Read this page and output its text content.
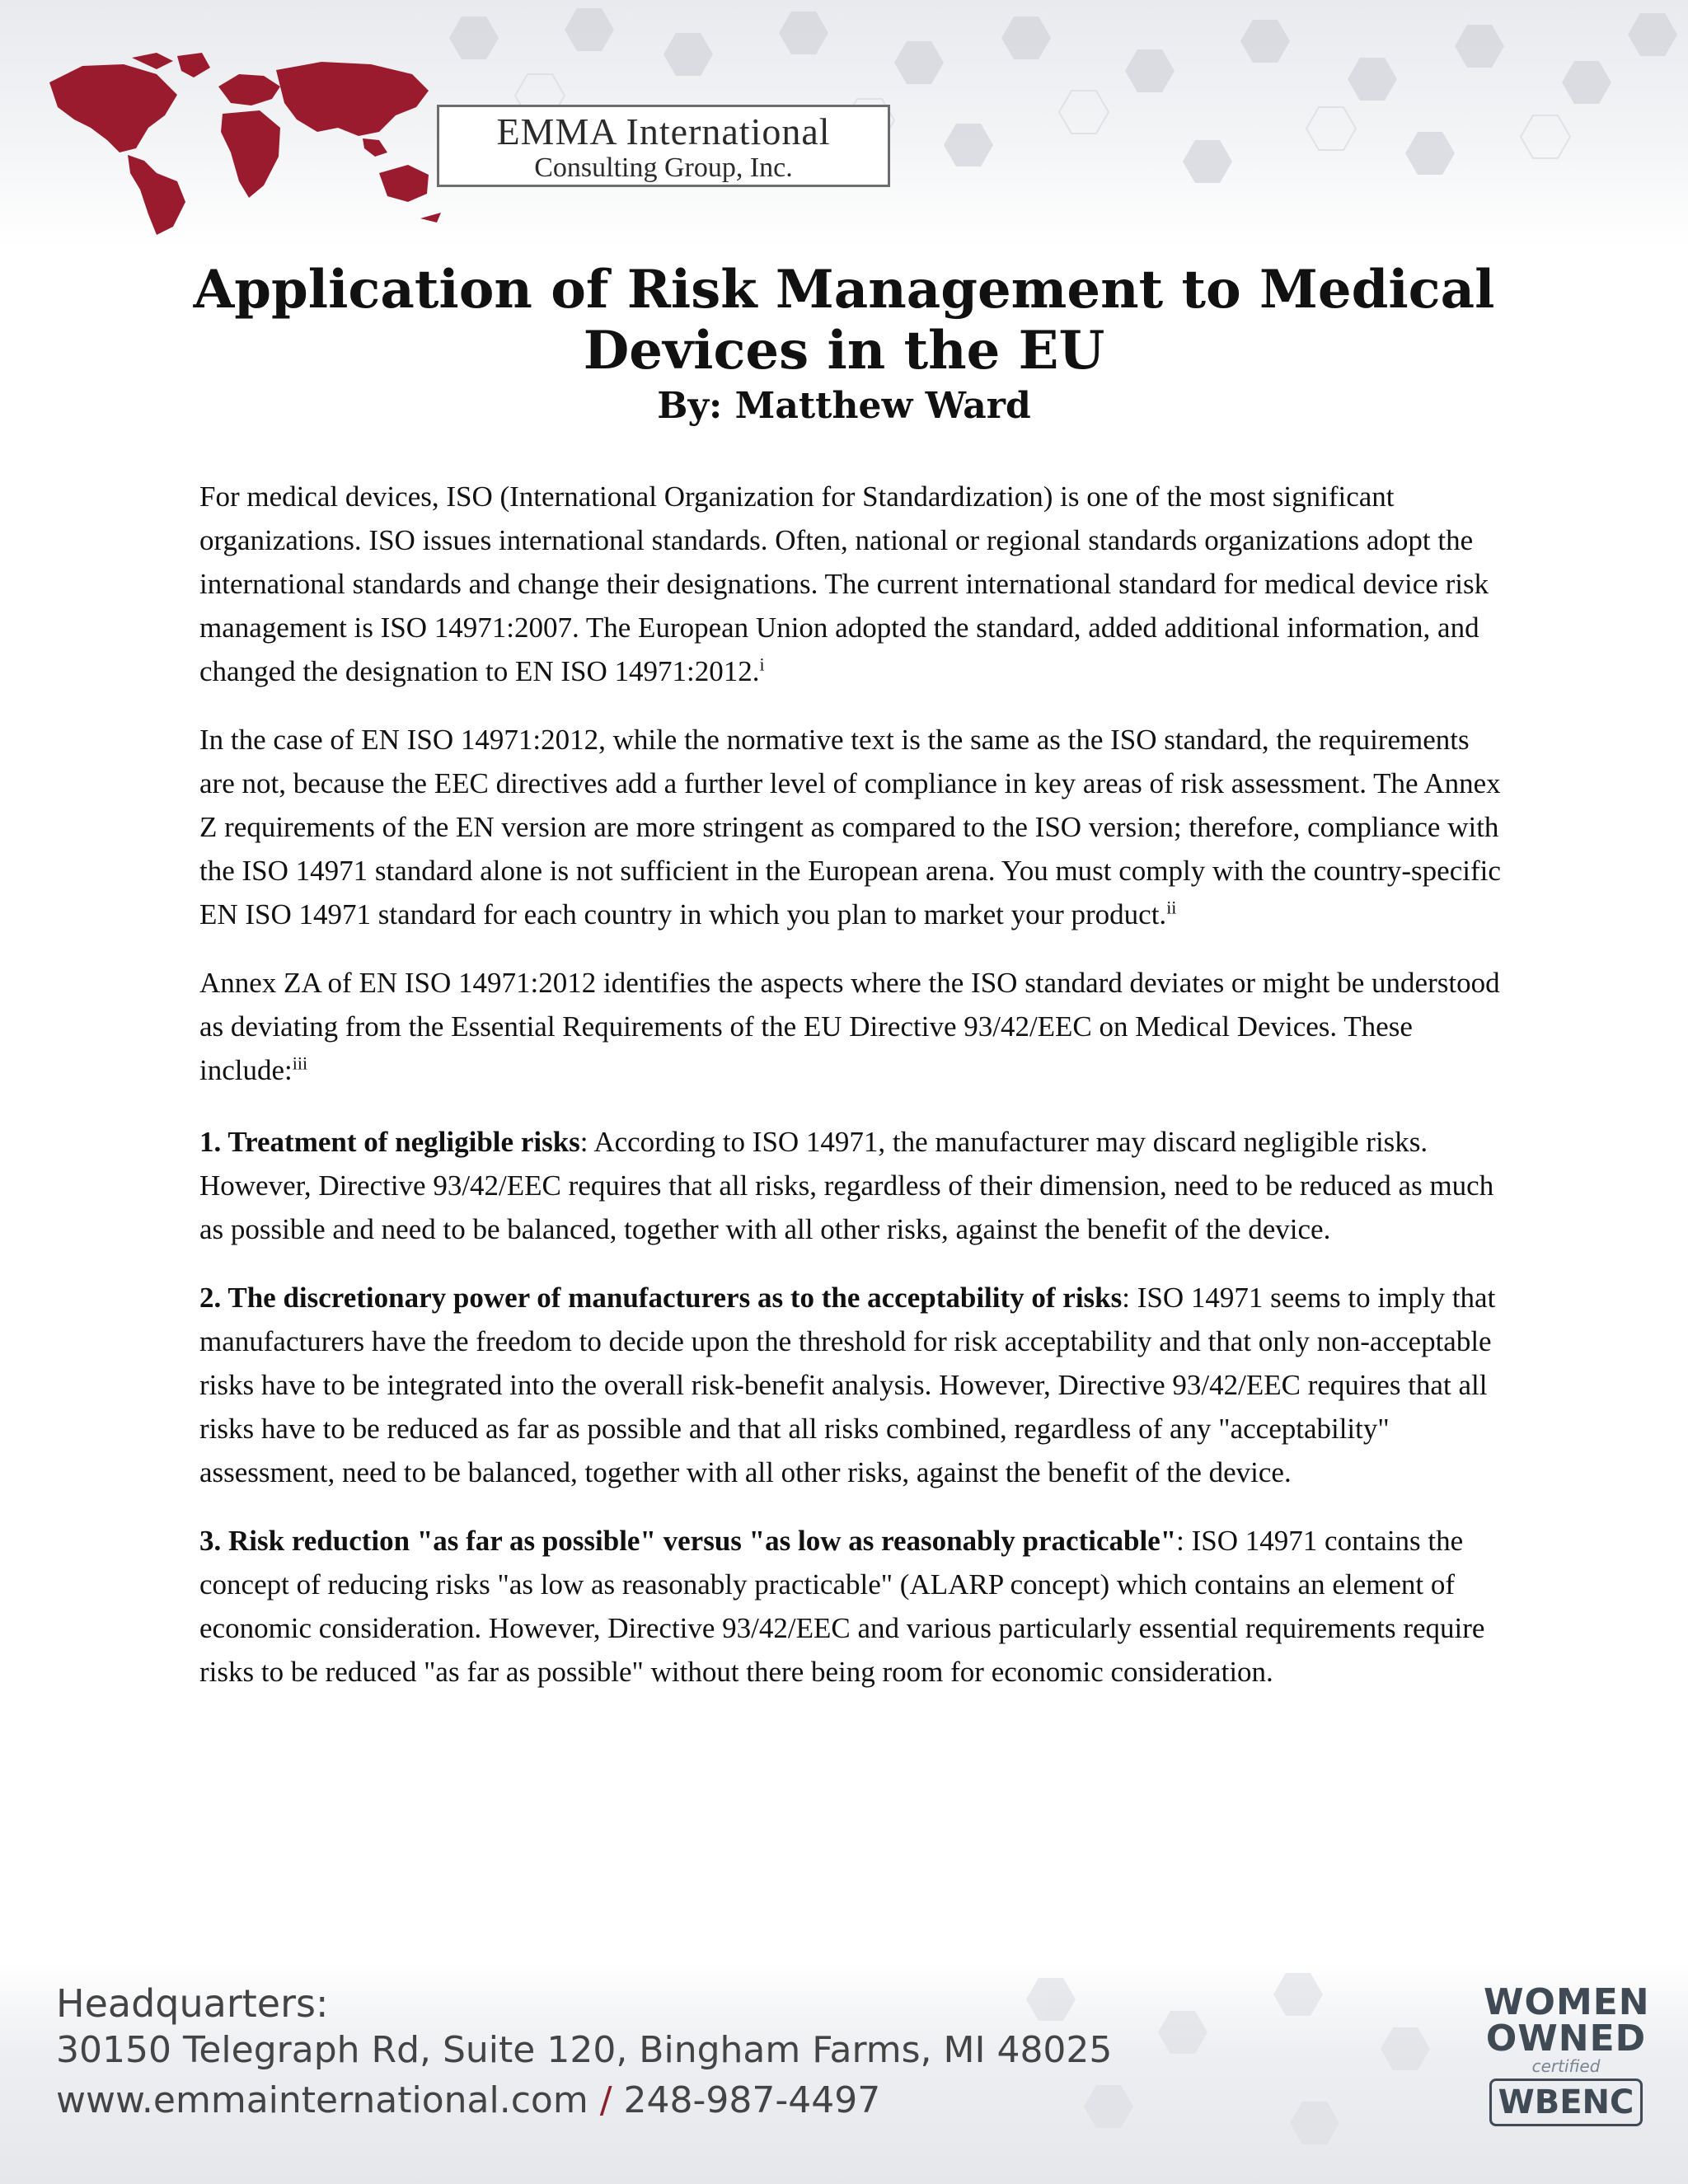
EMMA International
Consulting Group, Inc.
Application of Risk Management to Medical
Devices in the EU
By: Matthew Ward

For medical devices, ISO (International Organization for Standardization) is one of the most significant organizations. ISO issues international standards. Often, national or regional standards organizations adopt the international standards and change their designations. The current international standard for medical device risk management is ISO 14971:2007. The European Union adopted the standard, added additional information, and changed the designation to EN ISO 14971:2012.$^i$

In the case of EN ISO 14971:2012, while the normative text is the same as the ISO standard, the requirements are not, because the EEC directives add a further level of compliance in key areas of risk assessment. The Annex Z requirements of the EN version are more stringent as compared to the ISO version; therefore, compliance with the ISO 14971 standard alone is not sufficient in the European arena. You must comply with the country-specific EN ISO 14971 standard for each country in which you plan to market your product.$^{ii}$

Annex ZA of EN ISO 14971:2012 identifies the aspects where the ISO standard deviates or might be understood as deviating from the Essential Requirements of the EU Directive 93/42/EEC on Medical Devices. These include:$^{iii}$

1. Treatment of negligible risks: According to ISO 14971, the manufacturer may discard negligible risks. However, Directive 93/42/EEC requires that all risks, regardless of their dimension, need to be reduced as much as possible and need to be balanced, together with all other risks, against the benefit of the device.

2. The discretionary power of manufacturers as to the acceptability of risks: ISO 14971 seems to imply that manufacturers have the freedom to decide upon the threshold for risk acceptability and that only non-acceptable risks have to be integrated into the overall risk-benefit analysis. However, Directive 93/42/EEC requires that all risks have to be reduced as far as possible and that all risks combined, regardless of any "acceptability" assessment, need to be balanced, together with all other risks, against the benefit of the device.

3. Risk reduction "as far as possible" versus "as low as reasonably practicable": ISO 14971 contains the concept of reducing risks "as low as reasonably practicable" (ALARP concept) which contains an element of economic consideration. However, Directive 93/42/EEC and various particularly essential requirements require risks to be reduced "as far as possible" without there being room for economic consideration.

Headquarters:
30150 Telegraph Rd, Suite 120, Bingham Farms, MI 48025
www.emmainternational.com / 248-987-4497
WOMEN
OWNED
certified
WBENC
